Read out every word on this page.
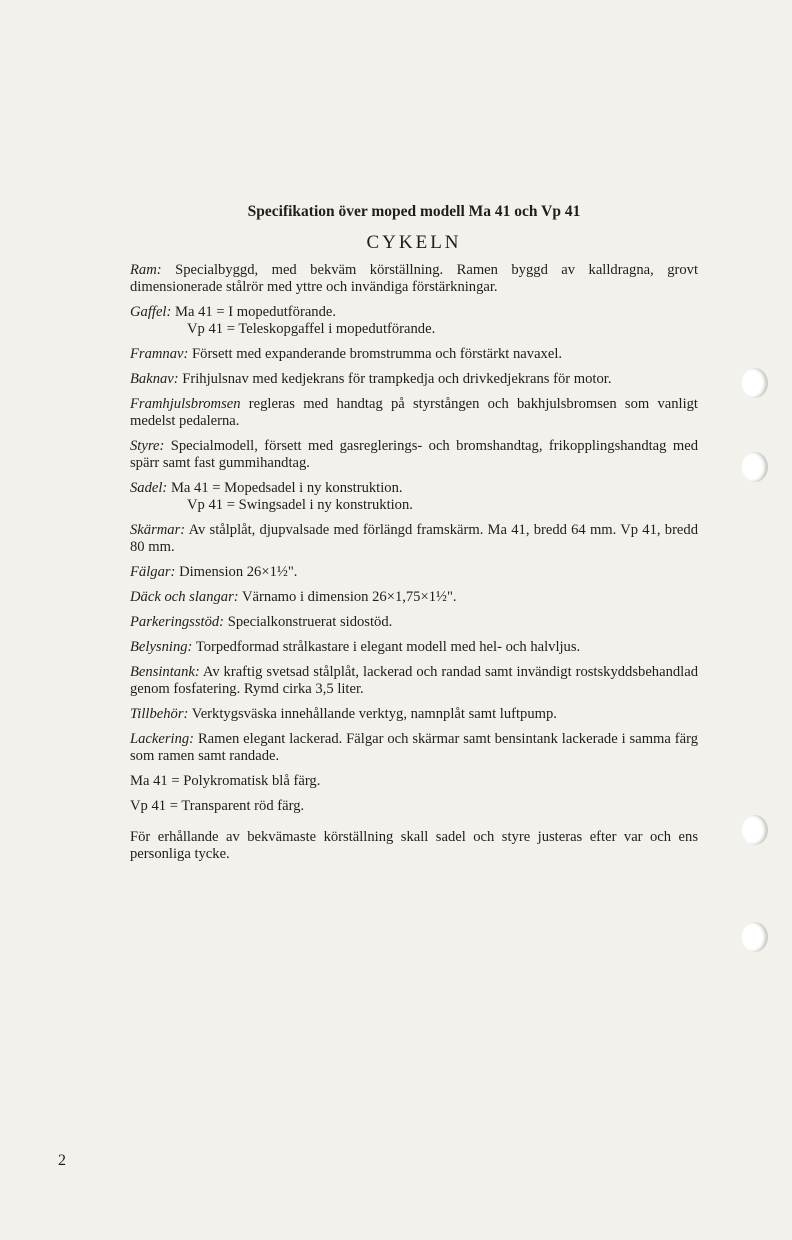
Specifikation över moped modell Ma 41 och Vp 41
CYKELN
Ram: Specialbyggd, med bekväm körställning. Ramen byggd av kalldragna, grovt dimensionerade stålrör med yttre och invändiga förstärkningar.
Gaffel: Ma 41 = I mopedutförande.
Vp 41 = Teleskopgaffel i mopedutförande.
Framnav: Försett med expanderande bromstrumma och förstärkt navaxel.
Baknav: Frihjulsnav med kedjekrans för trampkedja och drivkedjekrans för motor.
Framhjulsbromsen regleras med handtag på styrstången och bakhjulsbromsen som vanligt medelst pedalerna.
Styre: Specialmodell, försett med gasreglerings- och bromshandtag, frikopplingshandtag med spärr samt fast gummihandtag.
Sadel: Ma 41 = Mopedsadel i ny konstruktion.
Vp 41 = Swingsadel i ny konstruktion.
Skärmar: Av stålplåt, djupvalsade med förlängd framskärm. Ma 41, bredd 64 mm. Vp 41, bredd 80 mm.
Fälgar: Dimension 26×1½".
Däck och slangar: Värnamo i dimension 26×1,75×1½".
Parkeringsstöd: Specialkonstruerat sidostöd.
Belysning: Torpedformad strålkastare i elegant modell med hel- och halvljus.
Bensintank: Av kraftig svetsad stålplåt, lackerad och randad samt invändigt rostskyddsbehandlad genom fosfatering. Rymd cirka 3,5 liter.
Tillbehör: Verktygsväska innehållande verktyg, namnplåt samt luftpump.
Lackering: Ramen elegant lackerad. Fälgar och skärmar samt bensintank lackerade i samma färg som ramen samt randade.
Ma 41 = Polykromatisk blå färg.
Vp 41 = Transparent röd färg.
För erhållande av bekvämaste körställning skall sadel och styre justeras efter var och ens personliga tycke.
2
